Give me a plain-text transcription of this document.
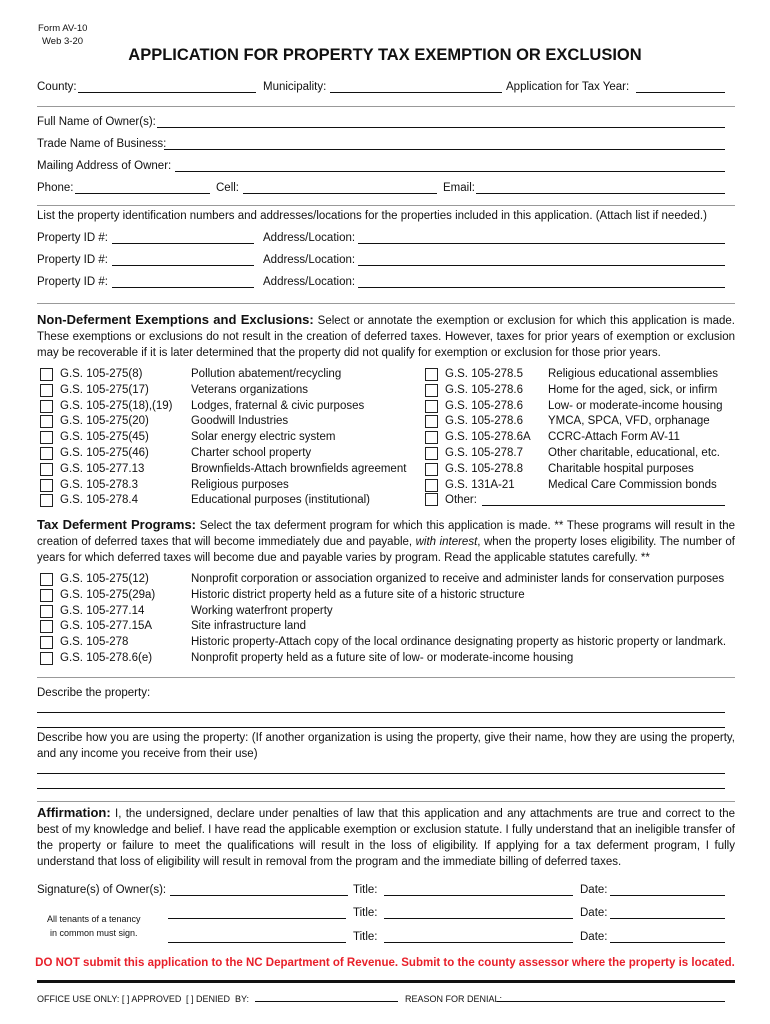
Form AV-10
Web 3-20
APPLICATION FOR PROPERTY TAX EXEMPTION OR EXCLUSION
County:	Municipality:	Application for Tax Year:
Full Name of Owner(s):
Trade Name of Business:
Mailing Address of Owner:
Phone:	Cell:	Email:
List the property identification numbers and addresses/locations for the properties included in this application. (Attach list if needed.)
Property ID #:	Address/Location:
Property ID #:	Address/Location:
Property ID #:	Address/Location:
Non-Deferment Exemptions and Exclusions: Select or annotate the exemption or exclusion for which this application is made. These exemptions or exclusions do not result in the creation of deferred taxes. However, taxes for prior years of exemption or exclusion may be recoverable if it is later determined that the property did not qualify for exemption or exclusion for those prior years.
G.S. 105-275(8)	Pollution abatement/recycling
G.S. 105-275(17)	Veterans organizations
G.S. 105-275(18),(19) Lodges, fraternal & civic purposes
G.S. 105-275(20)	Goodwill Industries
G.S. 105-275(45)	Solar energy electric system
G.S. 105-275(46)	Charter school property
G.S. 105-277.13	Brownfields-Attach brownfields agreement
G.S. 105-278.3	Religious purposes
G.S. 105-278.4	Educational purposes (institutional)
G.S. 105-278.5 Religious educational assemblies
G.S. 105-278.6 Home for the aged, sick, or infirm
G.S. 105-278.6 Low- or moderate-income housing
G.S. 105-278.6 YMCA, SPCA, VFD, orphanage
G.S. 105-278.6A CCRC-Attach Form AV-11
G.S. 105-278.7 Other charitable, educational, etc.
G.S. 105-278.8 Charitable hospital purposes
G.S. 131A-21	Medical Care Commission bonds
Other:
Tax Deferment Programs: Select the tax deferment program for which this application is made. ** These programs will result in the creation of deferred taxes that will become immediately due and payable, with interest, when the property loses eligibility. The number of years for which deferred taxes will become due and payable varies by program. Read the applicable statutes carefully. **
G.S. 105-275(12)	Nonprofit corporation or association organized to receive and administer lands for conservation purposes
G.S. 105-275(29a)	Historic district property held as a future site of a historic structure
G.S. 105-277.14	Working waterfront property
G.S. 105-277.15A	Site infrastructure land
G.S. 105-278	Historic property-Attach copy of the local ordinance designating property as historic property or landmark.
G.S. 105-278.6(e)	Nonprofit property held as a future site of low- or moderate-income housing
Describe the property:
Describe how you are using the property: (If another organization is using the property, give their name, how they are using the property, and any income you receive from their use)
Affirmation: I, the undersigned, declare under penalties of law that this application and any attachments are true and correct to the best of my knowledge and belief. I have read the applicable exemption or exclusion statute. I fully understand that an ineligible transfer of the property or failure to meet the qualifications will result in the loss of eligibility. If applying for a tax deferment program, I fully understand that loss of eligibility will result in removal from the program and the immediate billing of deferred taxes.
Signature(s) of Owner(s):
All tenants of a tenancy
in common must sign.
Title:	Date:
Title:	Date:
Title:	Date:
DO NOT submit this application to the NC Department of Revenue. Submit to the county assessor where the property is located.
OFFICE USE ONLY: [ ] APPROVED [ ] DENIED BY:	REASON FOR DENIAL:
